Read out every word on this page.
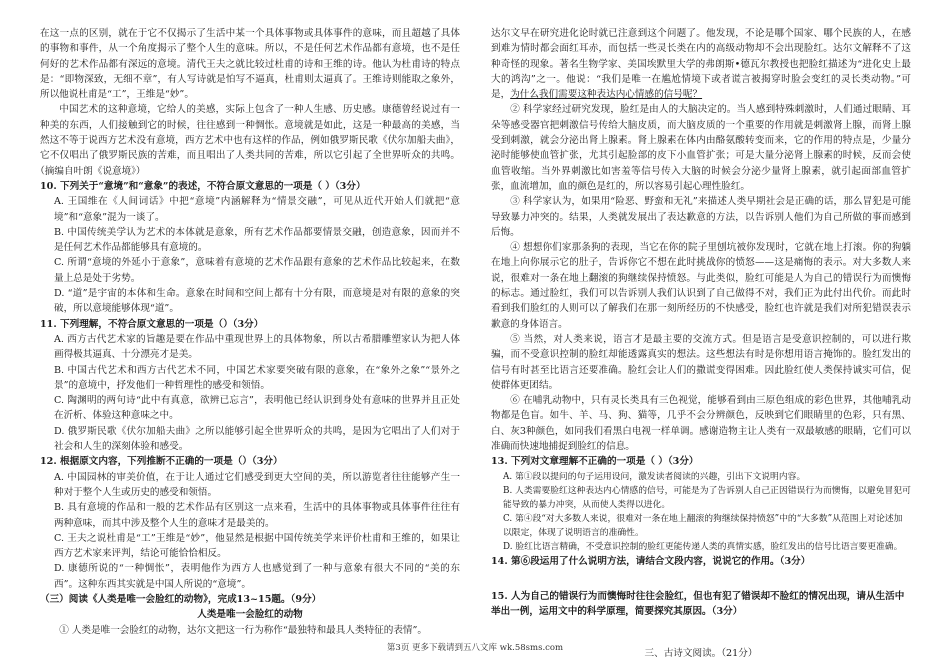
在这一点的区别，就在于它不仅揭示了生活中某一个具体事物或具体事件的意味，而且超越了具体的事物和事件，从一个角度揭示了整个人生的意味。所以，不是任何艺术作品都有意境，也不是任何好的艺术作品都有深远的意境。清代王夫之就比较过杜甫的诗和王维的诗。他认为杜甫诗的特点是：“即物深致，无细不章”，有人写诗就是怕写不逼真，杜甫则太逼真了。王维诗则能取之象外，所以他说杜甫是“工”，王维是“妙”。

中国艺术的这种意境，它给人的美感，实际上包含了一种人生感、历史感。康德曾经说过有一种美的东西，人们接触到它的时候，往往感到一种惆怅。意境就是如此，这是一种最高的美感，当然这不等于说西方艺术没有意境，西方艺术中也有这样的作品，例如俄罗斯民歌《伏尔加船夫曲》，它不仅唱出了俄罗斯民族的苦难，而且唱出了人类共同的苦难，所以它引起了全世界听众的共鸣。（摘编自叶朗《说意境》）

10. 下列关于“意境”和“意象”的表述，不符合原文意思的一项是（ ）（3分）

A. 王国维在《人间词话》中把“意境”内涵解释为“情景交融”，可见从近代开始人们就把“意境”和“意象”混为一谈了。

B. 中国传统美学认为艺术的本体就是意象，所有艺术作品都要情景交融，创造意象，因而并不是任何艺术作品都能够具有意境的。

C. 所谓“意境的外延小于意象”，意味着有意境的艺术作品跟有意象的艺术作品比较起来，在数量上总是处于劣势。

D. “道”是宇宙的本体和生命。意象在时间和空间上都有十分有限，而意境是对有限的意象的突破，所以意境能够体现“道”。

11. 下列理解，不符合原文意思的一项是（）（3分）

A. 西方古代艺术家的旨趣是要在作品中重现世界上的具体物象，所以古希腊雕塑家认为把人体画得极其逼真、十分漂亮才是美。

B. 中国古代艺术和西方古代艺术不同，中国艺术家要突破有限的意象，在“象外之象”“景外之景”的意境中，抒发他们一种哲理性的感受和领悟。

C. 陶渊明的两句诗“此中有真意，欲辨已忘言”，表明他已经认识到身处有意味的世界并且正处在沂析、体验这种意味之中。

D. 俄罗斯民歌《伏尔加船夫曲》之所以能够引起全世界听众的共鸣，是因为它唱出了人们对于社会和人生的深刻体验和感受。

12. 根据原文内容，下列推断不正确的一项是（）（3分）

A. 中国园林的审美价值，在于让人通过它们感受到更大空间的美，所以游览者往往能够产生一种对于整个人生或历史的感受和领悟。

B. 具有意境的作品和一般的艺术作品有区别这一点来看，生活中的具体事物或具体事件往往有两种意味，而其中涉及整个人生的意味才是最美的。

C. 王夫之说杜甫是“工”王维是“妙”，他显然是根据中国传统美学来评价杜甫和王维的，如果让西方艺术家来评判，结论可能恰恰相反。

D. 康德所说的“一种惆怅”，表明他作为西方人也感觉到了一种与意象有很大不同的“美的东西”。这种东西其实就是中国人所说的“意境”。

（三）阅读《人类是唯一会脸红的动物》，完成13~15题。（9分）

人类是唯一会脸红的动物

① 人类是唯一会脸红的动物，达尔文把这一行为称作“最独特和最具人类特征的表情”。

达尔文早在研究进化论时就已注意到这个问题了。他发现，不论是哪个国家、哪个民族的人，在感到难为情时都会面红耳赤，而包括一些灵长类在内的高级动物却不会出现脸红。达尔文解释不了这种奇怪的现象。著名生物学家、美国埃默里大学的弗朗斯•德瓦尔教授也把脸红描述为“进化史上最大的鸿沟”之一。他说：“我们是唯一在尴尬情境下或者谎言被揭穿时脸会变红的灵长类动物。”可是，为什么我们需要这种表达内心情感的信号呢？

② 科学家经过研究发现，脸红是由人的大脑决定的。当人感到特殊刺激时，人们通过眼睛、耳朵等感受器官把刺激信号传给大脑皮质，而大脑皮质的一个重要的作用就是刺激肾上腺，而肾上腺受到刺激，就会分泌出肾上腺素。肾上腺素在体内由酪氨酸转变而来，它的作用的特点是，少量分泌时能够使血管扩张，尤其引起脸部的皮下小血管扩张；可是大量分泌肾上腺素的时候，反而会使血管收缩。当外界刺激比如害羞等信号传入大脑的时候会分泌少量肾上腺素，就引起面部血管扩张，血流增加，血的颜色是红的，所以容易引起心理性脸红。

③ 科学家认为，如果用“险恶、野蛮和无礼”来描述人类早期社会是正确的话，那么冒犯是可能导致暴力冲突的。结果，人类就发展出了表达歉意的方法，以告诉别人他们为自己所做的事而感到后悔。

④ 想想你们家那条狗的表现，当它在你的院子里刨坑被你发现时，它就在地上打滚。你的狗躺在地上向你展示它的肚子，告诉你它不想在此时挑战你的愤怒——这是痛悔的表示。对大多数人来说，很难对一条在地上翻滚的狗继续保持愤怒。与此类似，脸红可能是人为自己的错误行为而懊悔的标志。通过脸红，我们可以告诉别人我们认识到了自己做得不对，我们正为此付出代价。而此时看到我们脸红的人则可以了解我们在那一刻所经历的不快感受，脸红也许就是我们对所犯错误表示歉意的身体语言。

⑤ 当然，对人类来说，语言才是最主要的交流方式。但是语言是受意识控制的，可以进行欺骗，而不受意识控制的脸红却能透露真实的想法。这些想法有时是你想用语言掩饰的。脸红发出的信号有时甚至比语言还要准确。脸红会让人们的撒谎变得困难。因此脸红使人类保持诚实可信，促使群体更团结。

⑥ 在哺乳动物中，只有灵长类具有三色视觉，能够看到由三原色组成的彩色世界，其他哺乳动物都是色盲。如牛、羊、马、狗、猫等，几乎不会分辨颜色，反映到它们眼睛里的色彩，只有黑、白、灰3种颜色，如同我们看黑白电视一样单调。感谢造物主让人类有一双最敏感的眼睛，它们可以准确而快速地捕捉到脸红的信息。

13. 下列对文章理解不正确的一项是（ ）（3分）

A. 第①段以提问的句子运用设问，激发读者阅读的兴趣，引出下文说明内容。

B. 人类需要脸红这种表达内心情感的信号，可能是为了告诉别人自己正因错误行为而懊悔，以避免冒犯可能导致的暴力冲突，从而使人类得以进化。

C. 第④段“对大多数人来说，很难对一条在地上翻滚的狗继续保持愤怒”中的“大多数”从范围上对论述加以限定，体现了说明语言的准确性。

D. 脸红比语言精确，不受意识控制的脸红更能传递人类的真情实感，脸红发出的信号比语言要更准确。

14. 第⑥段运用了什么说明方法，请结合文段内容，说说它的作用。（3分）

15. 人为自己的错误行为而懊悔时往往会脸红，但也有犯了错误却不脸红的情况出现，请从生活中举出一例，运用文中的科学原理，简要探究其原因。（3分）

三、古诗文阅读。（21分）

第3页 更多下载请到五八文库 wk.58sms.com
